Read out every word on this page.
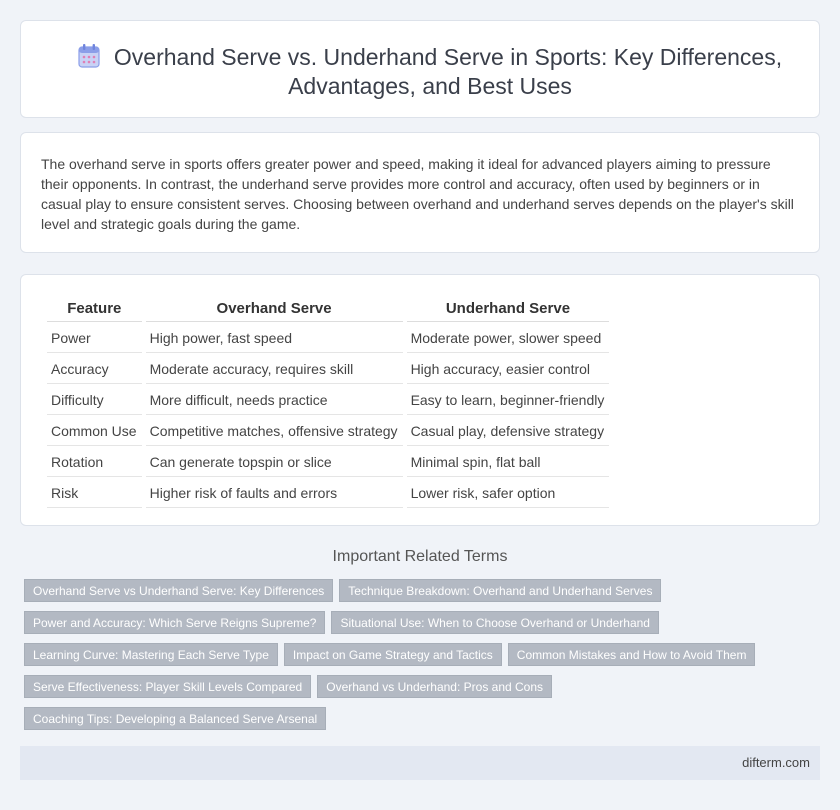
Overhand Serve vs. Underhand Serve in Sports: Key Differences, Advantages, and Best Uses

The overhand serve in sports offers greater power and speed, making it ideal for advanced players aiming to pressure their opponents. In contrast, the underhand serve provides more control and accuracy, often used by beginners or in casual play to ensure consistent serves. Choosing between overhand and underhand serves depends on the player's skill level and strategic goals during the game.

Feature	Overhand Serve	Underhand Serve
Power	High power, fast speed	Moderate power, slower speed
Accuracy	Moderate accuracy, requires skill	High accuracy, easier control
Difficulty	More difficult, needs practice	Easy to learn, beginner-friendly
Common Use	Competitive matches, offensive strategy	Casual play, defensive strategy
Rotation	Can generate topspin or slice	Minimal spin, flat ball
Risk	Higher risk of faults and errors	Lower risk, safer option
Important Related Terms
Overhand Serve vs Underhand Serve: Key Differences	Technique Breakdown: Overhand and Underhand Serves
Power and Accuracy: Which Serve Reigns Supreme?	Situational Use: When to Choose Overhand or Underhand
Learning Curve: Mastering Each Serve Type	Impact on Game Strategy and Tactics	Common Mistakes and How to Avoid Them
Serve Effectiveness: Player Skill Levels Compared	Overhand vs Underhand: Pros and Cons
Coaching Tips: Developing a Balanced Serve Arsenal
difterm.com
